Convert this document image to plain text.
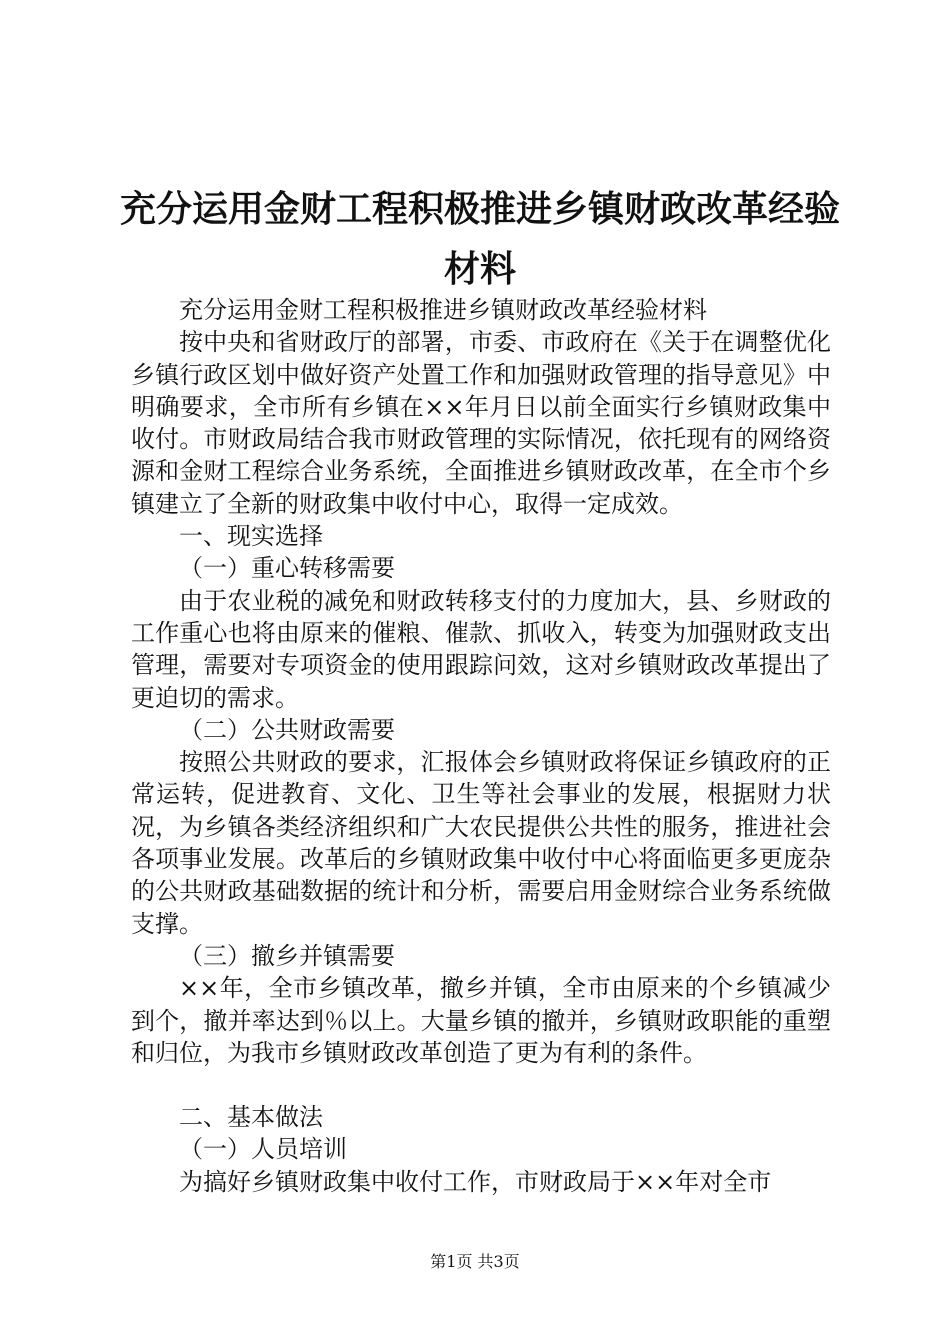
充分运用金财工程积极推进乡镇财政改革经验
材料

充分运用金财工程积极推进乡镇财政改革经验材料

按中央和省财政厅的部署，市委、市政府在《关于在调整优化乡镇行政区划中做好资产处置工作和加强财政管理的指导意见》中明确要求，全市所有乡镇在××年月日以前全面实行乡镇财政集中收付。市财政局结合我市财政管理的实际情况，依托现有的网络资源和金财工程综合业务系统，全面推进乡镇财政改革，在全市个乡镇建立了全新的财政集中收付中心，取得一定成效。

一、现实选择

（一）重心转移需要

由于农业税的减免和财政转移支付的力度加大，县、乡财政的工作重心也将由原来的催粮、催款、抓收入，转变为加强财政支出管理，需要对专项资金的使用跟踪问效，这对乡镇财政改革提出了更迫切的需求。

（二）公共财政需要

按照公共财政的要求，汇报体会乡镇财政将保证乡镇政府的正常运转，促进教育、文化、卫生等社会事业的发展，根据财力状况，为乡镇各类经济组织和广大农民提供公共性的服务，推进社会各项事业发展。改革后的乡镇财政集中收付中心将面临更多更庞杂的公共财政基础数据的统计和分析，需要启用金财综合业务系统做支撑。

（三）撤乡并镇需要

××年，全市乡镇改革，撤乡并镇，全市由原来的个乡镇减少到个，撤并率达到％以上。大量乡镇的撤并，乡镇财政职能的重塑和归位，为我市乡镇财政改革创造了更为有利的条件。

二、基本做法

（一）人员培训

为搞好乡镇财政集中收付工作，市财政局于××年对全市

第1页 共3页
